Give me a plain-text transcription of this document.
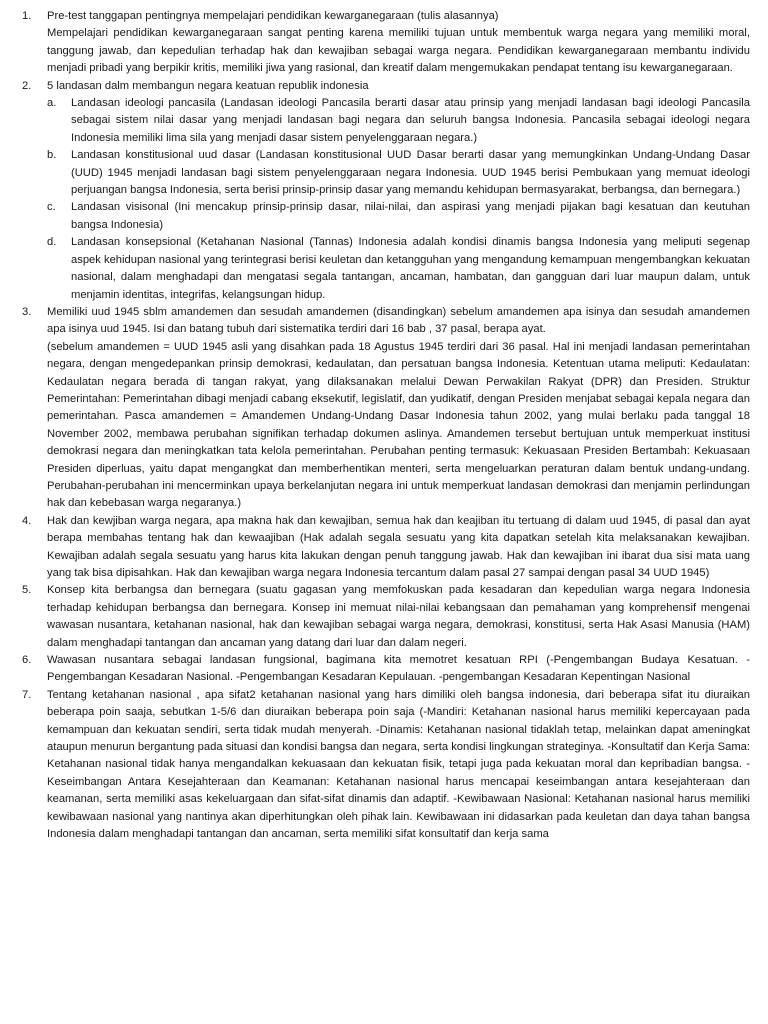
1.	Pre-test tanggapan pentingnya mempelajari pendidikan kewarganegaraan (tulis alasannya)
Mempelajari pendidikan kewarganegaraan sangat penting karena memiliki tujuan untuk membentuk warga negara yang memiliki moral, tanggung jawab, dan kepedulian terhadap hak dan kewajiban sebagai warga negara. Pendidikan kewarganegaraan membantu individu menjadi pribadi yang berpikir kritis, memiliki jiwa yang rasional, dan kreatif dalam mengemukakan pendapat tentang isu kewarganegaraan.
2.	5 landasan dalm membangun negara keatuan republik indonesia
a.	Landasan ideologi pancasila (Landasan ideologi Pancasila berarti dasar atau prinsip yang menjadi landasan bagi ideologi Pancasila sebagai sistem nilai dasar yang menjadi landasan bagi negara dan seluruh bangsa Indonesia. Pancasila sebagai ideologi negara Indonesia memiliki lima sila yang menjadi dasar sistem penyelenggaraan negara.)
b.	Landasan konstitusional uud dasar (Landasan konstitusional UUD Dasar berarti dasar yang memungkinkan Undang-Undang Dasar (UUD) 1945 menjadi landasan bagi sistem penyelenggaraan negara Indonesia. UUD 1945 berisi Pembukaan yang memuat ideologi perjuangan bangsa Indonesia, serta berisi prinsip-prinsip dasar yang memandu kehidupan bermasyarakat, berbangsa, dan bernegara.)
c.	Landasan visisonal (Ini mencakup prinsip-prinsip dasar, nilai-nilai, dan aspirasi yang menjadi pijakan bagi kesatuan dan keutuhan bangsa Indonesia)
d.	Landasan konsepsional (Ketahanan Nasional (Tannas) Indonesia adalah kondisi dinamis bangsa Indonesia yang meliputi segenap aspek kehidupan nasional yang terintegrasi berisi keuletan dan ketangguhan yang mengandung kemampuan mengembangkan kekuatan nasional, dalam menghadapi dan mengatasi segala tantangan, ancaman, hambatan, dan gangguan dari luar maupun dalam, untuk menjamin identitas, integrifas, kelangsungan hidup.
3.	Memiliki uud 1945 sblm amandemen dan sesudah amandemen (disandingkan) sebelum amandemen apa isinya dan sesudah amandemen apa isinya uud 1945. Isi dan batang tubuh dari sistematika terdiri dari 16 bab , 37 pasal, berapa ayat.
(sebelum amandemen = UUD 1945 asli yang disahkan pada 18 Agustus 1945 terdiri dari 36 pasal. Hal ini menjadi landasan pemerintahan negara, dengan mengedepankan prinsip demokrasi, kedaulatan, dan persatuan bangsa Indonesia. Ketentuan utama meliputi: Kedaulatan: Kedaulatan negara berada di tangan rakyat, yang dilaksanakan melalui Dewan Perwakilan Rakyat (DPR) dan Presiden. Struktur Pemerintahan: Pemerintahan dibagi menjadi cabang eksekutif, legislatif, dan yudikatif, dengan Presiden menjabat sebagai kepala negara dan pemerintahan. Pasca amandemen = Amandemen Undang-Undang Dasar Indonesia tahun 2002, yang mulai berlaku pada tanggal 18 November 2002, membawa perubahan signifikan terhadap dokumen aslinya. Amandemen tersebut bertujuan untuk memperkuat institusi demokrasi negara dan meningkatkan tata kelola pemerintahan. Perubahan penting termasuk: Kekuasaan Presiden Bertambah: Kekuasaan Presiden diperluas, yaitu dapat mengangkat dan memberhentikan menteri, serta mengeluarkan peraturan dalam bentuk undang-undang. Perubahan-perubahan ini mencerminkan upaya berkelanjutan negara ini untuk memperkuat landasan demokrasi dan menjamin perlindungan hak dan kebebasan warga negaranya.)
4.	Hak dan kewjiban warga negara, apa makna hak dan kewajiban, semua hak dan keajiban itu tertuang di dalam uud 1945, di pasal dan ayat berapa membahas tentang hak dan kewaajiban (Hak adalah segala sesuatu yang kita dapatkan setelah kita melaksanakan kewajiban. Kewajiban adalah segala sesuatu yang harus kita lakukan dengan penuh tanggung jawab. Hak dan kewajiban ini ibarat dua sisi mata uang yang tak bisa dipisahkan. Hak dan kewajiban warga negara Indonesia tercantum dalam pasal 27 sampai dengan pasal 34 UUD 1945)
5.	Konsep kita berbangsa dan bernegara (suatu gagasan yang memfokuskan pada kesadaran dan kepedulian warga negara Indonesia terhadap kehidupan berbangsa dan bernegara. Konsep ini memuat nilai-nilai kebangsaan dan pemahaman yang komprehensif mengenai wawasan nusantara, ketahanan nasional, hak dan kewajiban sebagai warga negara, demokrasi, konstitusi, serta Hak Asasi Manusia (HAM) dalam menghadapi tantangan dan ancaman yang datang dari luar dan dalam negeri.
6.	Wawasan nusantara sebagai landasan fungsional, bagimana kita memotret kesatuan RPI (-Pengembangan Budaya Kesatuan. -Pengembangan Kesadaran Nasional. -Pengembangan Kesadaran Kepulauan. -pengembangan Kesadaran Kepentingan Nasional
7.	Tentang ketahanan nasional , apa sifat2 ketahanan nasional yang hars dimiliki oleh bangsa indonesia, dari beberapa sifat itu diuraikan beberapa poin saaja, sebutkan 1-5/6 dan diuraikan beberapa poin saja (-Mandiri: Ketahanan nasional harus memiliki kepercayaan pada kemampuan dan kekuatan sendiri, serta tidak mudah menyerah. -Dinamis: Ketahanan nasional tidaklah tetap, melainkan dapat ameningkat ataupun menurun bergantung pada situasi dan kondisi bangsa dan negara, serta kondisi lingkungan strateginya. -Konsultatif dan Kerja Sama: Ketahanan nasional tidak hanya mengandalkan kekuasaan dan kekuatan fisik, tetapi juga pada kekuatan moral dan kepribadian bangsa. -Keseimbangan Antara Kesejahteraan dan Keamanan: Ketahanan nasional harus mencapai keseimbangan antara kesejahteraan dan keamanan, serta memiliki asas kekeluargaan dan sifat-sifat dinamis dan adaptif. -Kewibawaan Nasional: Ketahanan nasional harus memiliki kewibawaan nasional yang nantinya akan diperhitungkan oleh pihak lain. Kewibawaan ini didasarkan pada keuletan dan daya tahan bangsa Indonesia dalam menghadapi tantangan dan ancaman, serta memiliki sifat konsultatif dan kerja sama
